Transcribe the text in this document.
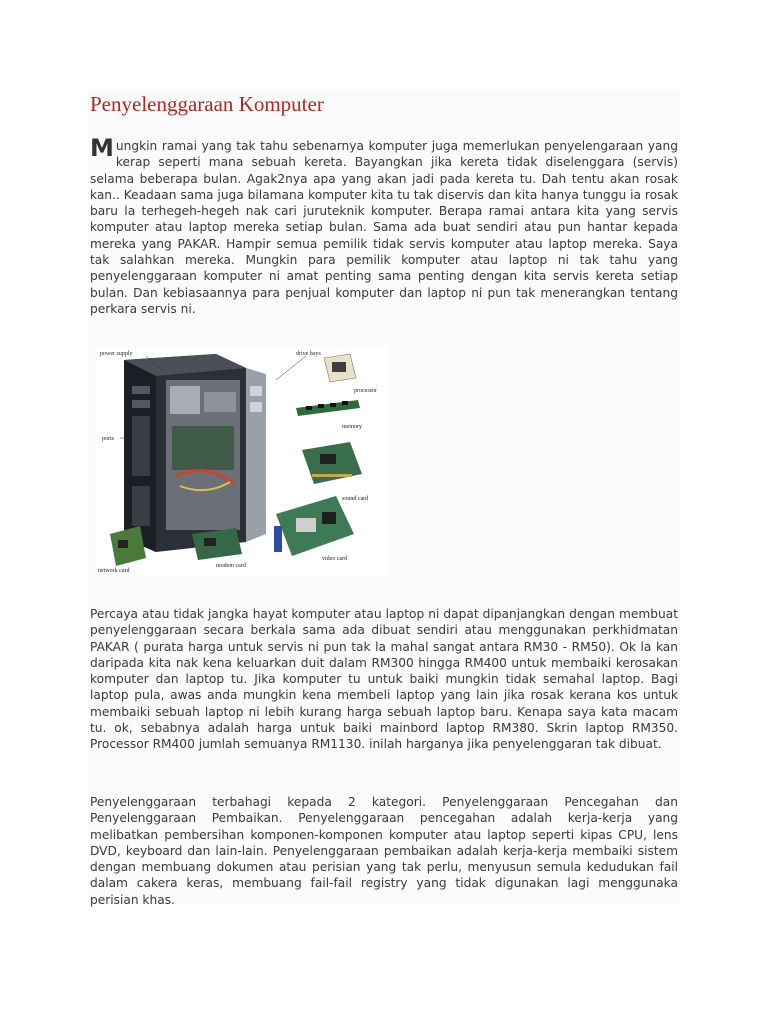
Penyelenggaraan Komputer

Mungkin ramai yang tak tahu sebenarnya komputer juga memerlukan penyelengaraan yang kerap seperti mana sebuah kereta. Bayangkan jika kereta tidak diselenggara (servis) selama beberapa bulan. Agak2nya apa yang akan jadi pada kereta tu. Dah tentu akan rosak kan.. Keadaan sama juga bilamana komputer kita tu tak diservis dan kita hanya tunggu ia rosak baru la terhegeh-hegeh nak cari juruteknik komputer. Berapa ramai antara kita yang servis komputer atau laptop mereka setiap bulan. Sama ada buat sendiri atau pun hantar kepada mereka yang PAKAR. Hampir semua pemilik tidak servis komputer atau laptop mereka. Saya tak salahkan mereka. Mungkin para pemilik komputer atau laptop ni tak tahu yang penyelenggaraan komputer ni amat penting sama penting dengan kita servis kereta setiap bulan. Dan kebiasaannya para penjual komputer dan laptop ni pun tak menerangkan tentang perkara servis ni.

power supply	drive bays
processor
memory
ports
sound card
video card
modem card
network card

Percaya atau tidak jangka hayat komputer atau laptop ni dapat dipanjangkan dengan membuat penyelenggaraan secara berkala sama ada dibuat sendiri atau menggunakan perkhidmatan PAKAR ( purata harga untuk servis ni pun tak la mahal sangat antara RM30 - RM50). Ok la kan daripada kita nak kena keluarkan duit dalam RM300 hingga RM400 untuk membaiki kerosakan komputer dan laptop tu. Jika komputer tu untuk baiki mungkin tidak semahal laptop. Bagi laptop pula, awas anda mungkin kena membeli laptop yang lain jika rosak kerana kos untuk membaiki sebuah laptop ni lebih kurang harga sebuah laptop baru. Kenapa saya kata macam tu. ok, sebabnya adalah harga untuk baiki mainbord laptop RM380. Skrin laptop RM350. Processor RM400 jumlah semuanya RM1130. inilah harganya jika penyelenggaran tak dibuat.

Penyelenggaraan terbahagi kepada 2 kategori. Penyelenggaraan Pencegahan dan Penyelenggaraan Pembaikan. Penyelenggaraan pencegahan adalah kerja-kerja yang melibatkan pembersihan komponen-komponen komputer atau laptop seperti kipas CPU, lens DVD, keyboard dan lain-lain. Penyelenggaraan pembaikan adalah kerja-kerja membaiki sistem dengan membuang dokumen atau perisian yang tak perlu, menyusun semula kedudukan fail dalam cakera keras, membuang fail-fail registry yang tidak digunakan lagi menggunaka perisian khas.
